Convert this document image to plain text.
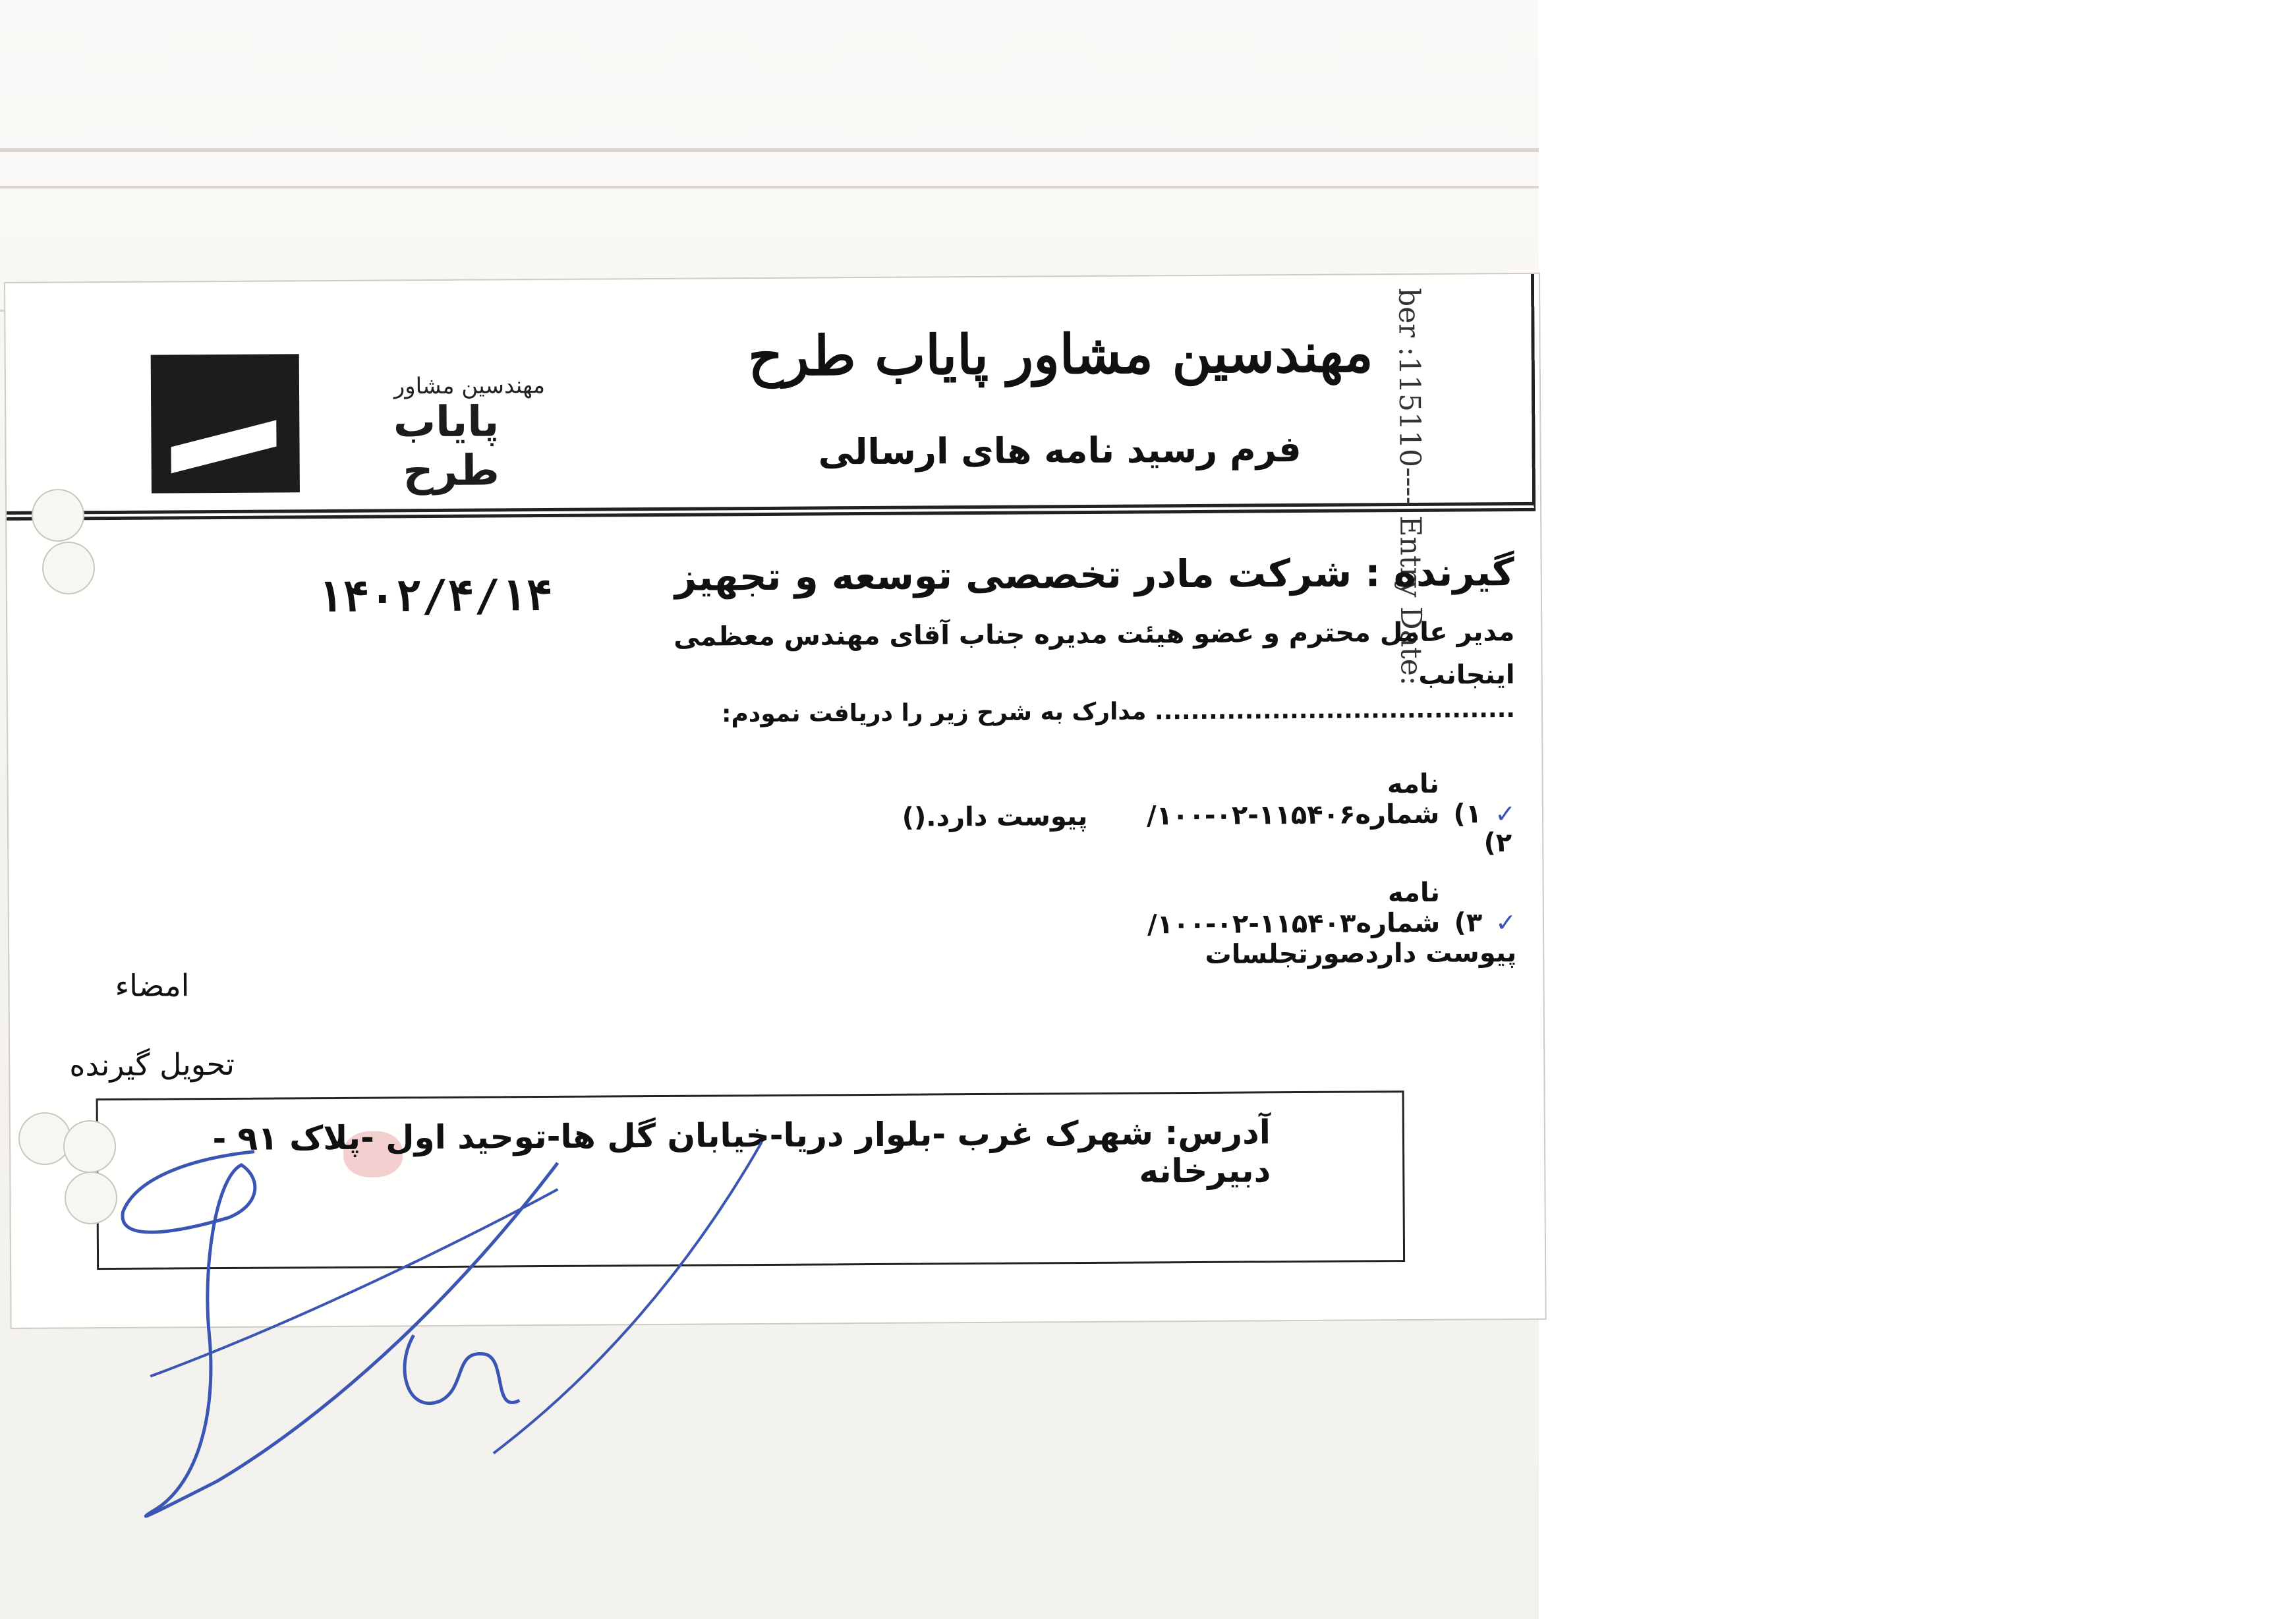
مهندسین مشاور
پایاب طرح
مهندسین مشاور پایاب طرح
فرم رسید نامه های ارسالی	ber :115110---- Entry Date:
۱۴۰۲/۴/۱۴	گیرنده : شرکت مادر تخصصی توسعه و تجهیز
مدیر عامل محترم و عضو هیئت مدیره جناب آقای مهندس معظمی
اینجانب
........................................ مدارک به شرح زیر را دریافت نمودم:
✓ ۱) نامه شماره۱۱۵۴۰۶-۰۲-۱۰۰/ پیوست دارد.()
۲)
✓ ۳) نامه شماره۱۱۵۴۰۳-۰۲-۱۰۰/ پیوست داردصورتجلسات
امضاء
تحویل گیرنده
آدرس: شهرک غرب -بلوار دریا-خیابان گل ها-توحید اول -پلاک ۹۱ - دبیرخانه
